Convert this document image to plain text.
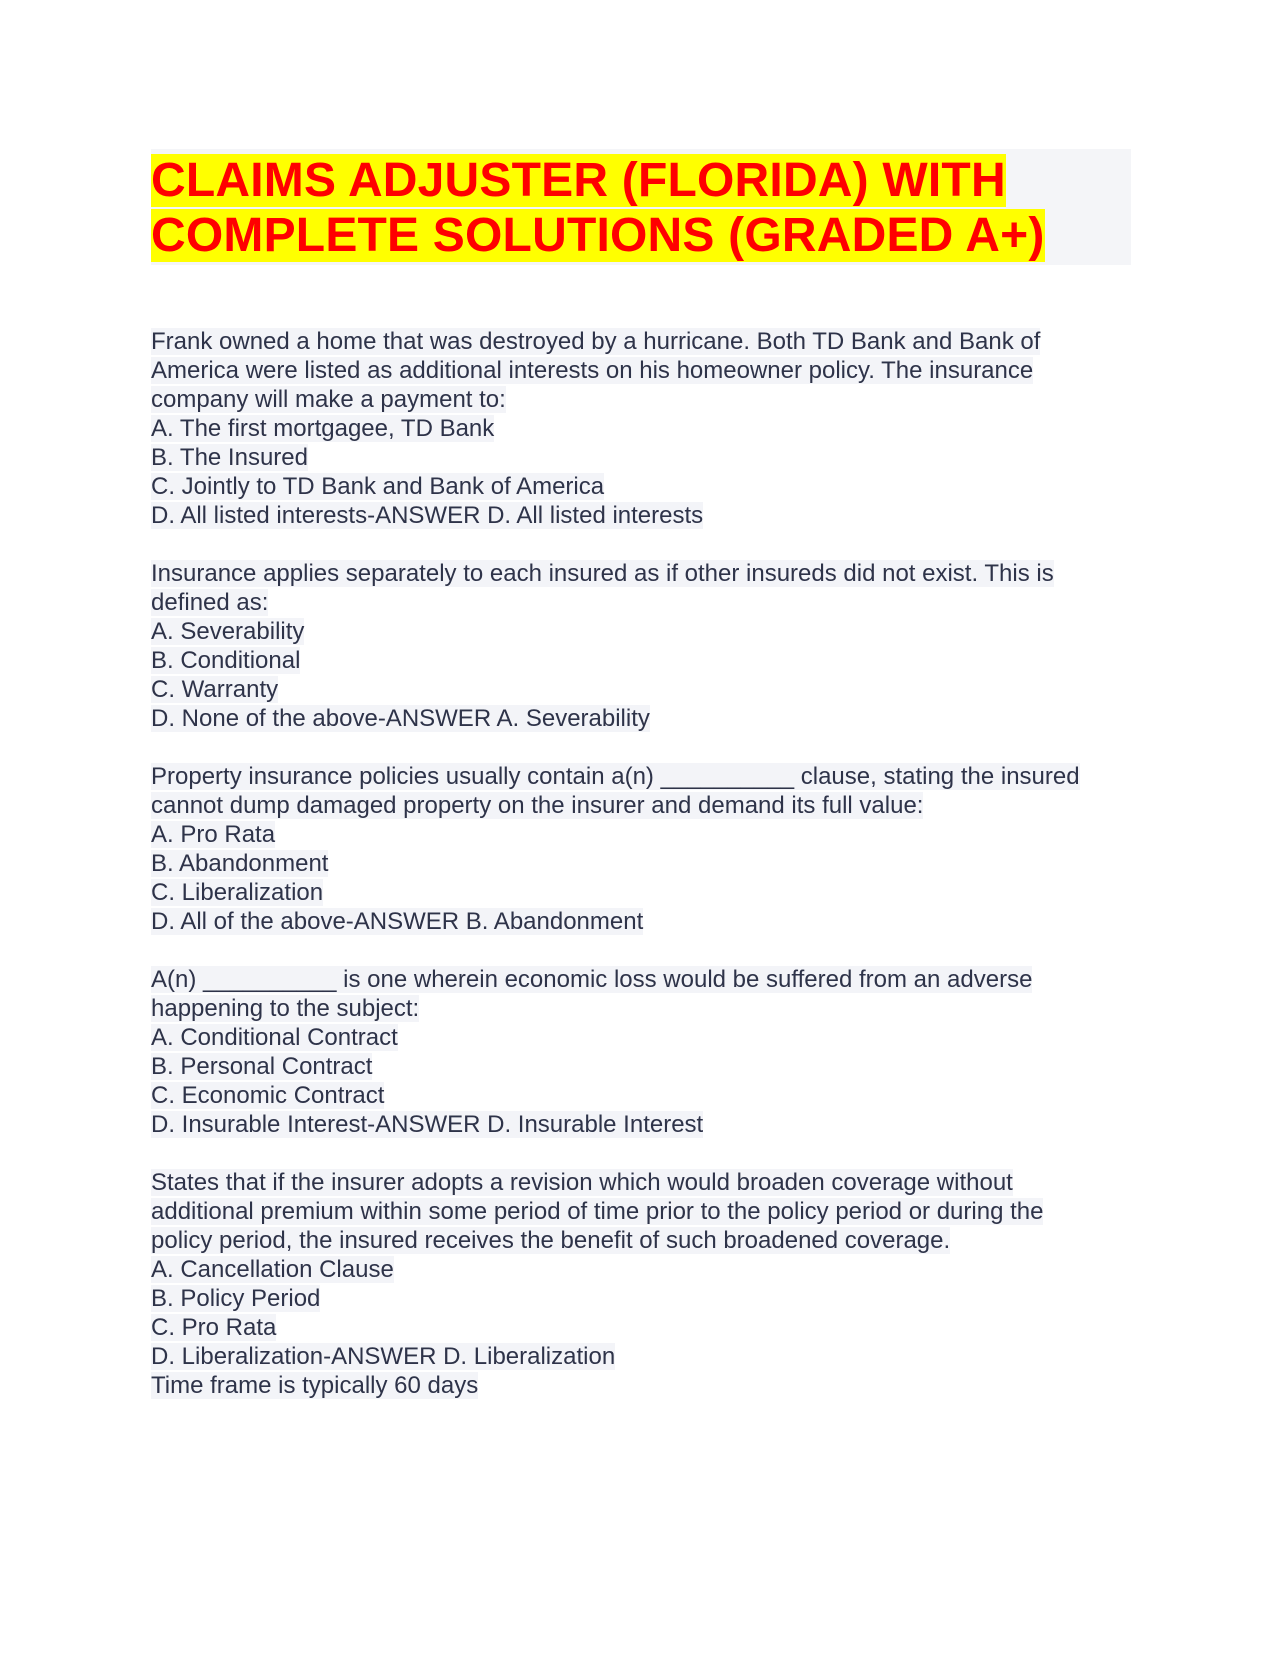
CLAIMS ADJUSTER (FLORIDA) WITH
COMPLETE SOLUTIONS (GRADED A+)
Frank owned a home that was destroyed by a hurricane. Both TD Bank and Bank of
America were listed as additional interests on his homeowner policy. The insurance
company will make a payment to:
A. The first mortgagee, TD Bank
B. The Insured
C. Jointly to TD Bank and Bank of America
D. All listed interests-ANSWER D. All listed interests
Insurance applies separately to each insured as if other insureds did not exist. This is
defined as:
A. Severability
B. Conditional
C. Warranty
D. None of the above-ANSWER A. Severability
Property insurance policies usually contain a(n) __________ clause, stating the insured
cannot dump damaged property on the insurer and demand its full value:
A. Pro Rata
B. Abandonment
C. Liberalization
D. All of the above-ANSWER B. Abandonment
A(n) __________ is one wherein economic loss would be suffered from an adverse
happening to the subject:
A. Conditional Contract
B. Personal Contract
C. Economic Contract
D. Insurable Interest-ANSWER D. Insurable Interest
States that if the insurer adopts a revision which would broaden coverage without
additional premium within some period of time prior to the policy period or during the
policy period, the insured receives the benefit of such broadened coverage.
A. Cancellation Clause
B. Policy Period
C. Pro Rata
D. Liberalization-ANSWER D. Liberalization
Time frame is typically 60 days
